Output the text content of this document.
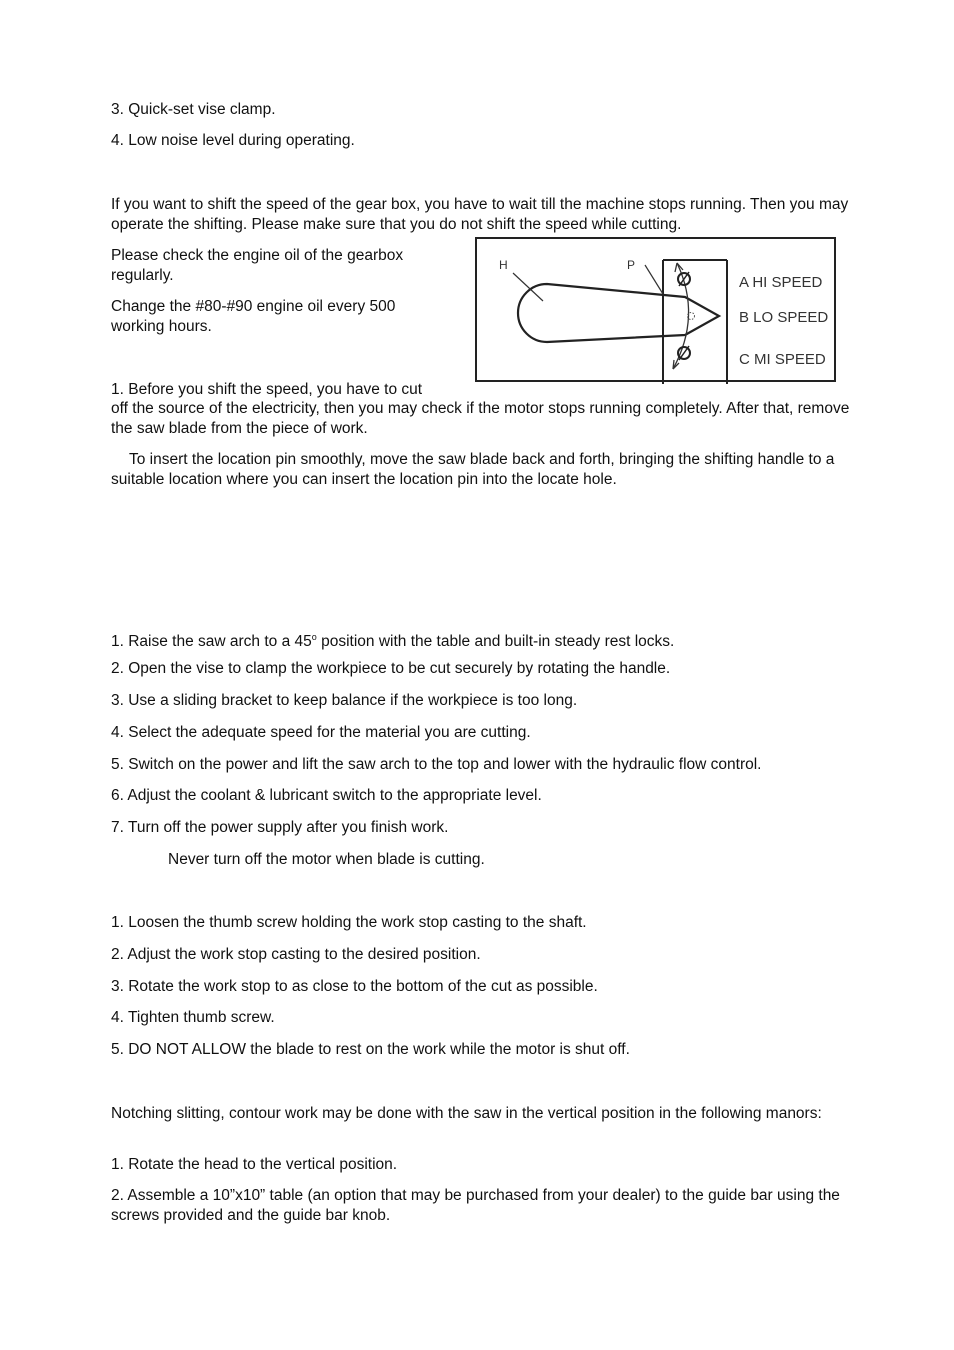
3. Quick-set vise clamp.

4. Low noise level during operating.

If you want to shift the speed of the gear box, you have to wait till the machine stops running. Then you may operate the shifting. Please make sure that you do not shift the speed while cutting.

Please check the engine oil of the gearbox regularly.

Change the #80-#90 engine oil every 500 working hours.

H	P
A HI SPEED
B LO SPEED
C MI SPEED

1. Before you shift the speed, you have to cut

off the source of the electricity, then you may check if the motor stops running completely. After that, remove the saw blade from the piece of work.

To insert the location pin smoothly, move the saw blade back and forth, bringing the shifting handle to a suitable location where you can insert the location pin into the locate hole.

1. Raise the saw arch to a 45$^o$ position with the table and built-in steady rest locks.

2. Open the vise to clamp the workpiece to be cut securely by rotating the handle.

3. Use a sliding bracket to keep balance if the workpiece is too long.

4. Select the adequate speed for the material you are cutting.

5. Switch on the power and lift the saw arch to the top and lower with the hydraulic flow control.

6. Adjust the coolant & lubricant switch to the appropriate level.

7. Turn off the power supply after you finish work.

Never turn off the motor when blade is cutting.

1. Loosen the thumb screw holding the work stop casting to the shaft.

2. Adjust the work stop casting to the desired position.

3. Rotate the work stop to as close to the bottom of the cut as possible.

4. Tighten thumb screw.

5. DO NOT ALLOW the blade to rest on the work while the motor is shut off.

Notching slitting, contour work may be done with the saw in the vertical position in the following manors:

1. Rotate the head to the vertical position.

2. Assemble a 10”x10” table (an option that may be purchased from your dealer) to the guide bar using the screws provided and the guide bar knob.
